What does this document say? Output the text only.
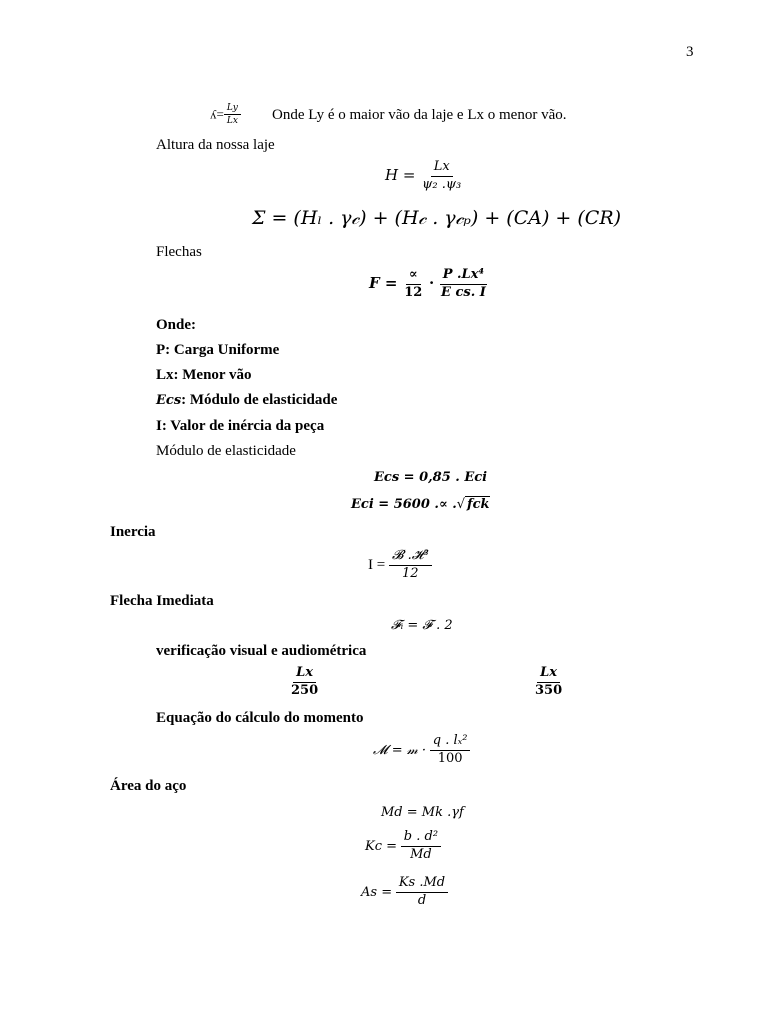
3
ʎ= $\frac{Ly}{Lx}$ Onde Ly é o maior vão da laje e Lx o menor vão.
Altura da nossa laje
$H = \frac{Lx}{\text{ψ₂ .ψ₃}}$
Σ = (Hₗ . γ𝒸) + (H𝒸 . γ𝒸ₚ) + (CA) + (CR)
Flechas
$F = \frac{\propto}{12} \cdot \frac{\text{P .Lx⁴}}{\text{E cs. I}}$
Onde:
P: Carga Uniforme
Lx: Menor vão
Ecs: Módulo de elasticidade
I: Valor de inércia da peça
Módulo de elasticidade
Ecs = 0,85 . Eci
Eci = 5600 .∝ .√ fck
Inercia
$I = \frac{\text{𝓑 .𝓗³}}{12}$
Flecha Imediata
𝓕ᵢ = 𝓕 . 2
verificação visual e audiométrica
$\frac{Lx}{250}$	$\frac{Lx}{350}$
Equação do cálculo do momento
𝓜 = 𝓂 · $\frac{\text{q . lₓ²}}{100}$
Área do aço
Md = Mk .γf
$Kc = \frac{\text{b . d²}}{Md}$
$As = \frac{Ks .Md}{d}$
